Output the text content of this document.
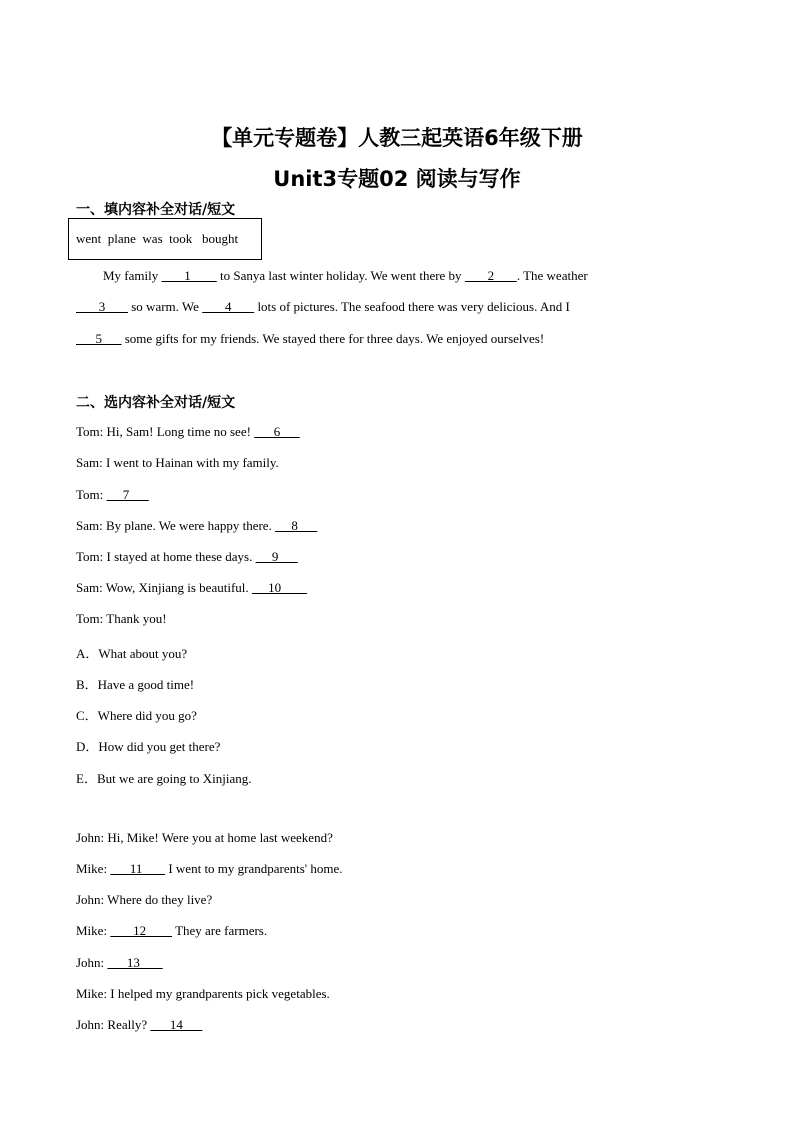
【单元专题卷】人教三起英语6年级下册
Unit3专题02 阅读与写作
一、填内容补全对话/短文
went  plane  was  took   bought
My family        1         to Sanya last winter holiday. We went there by        2       . The weather
3        so warm. We        4        lots of pictures. The seafood there was very delicious. And I
5       some gifts for my friends. We stayed there for three days. We enjoyed ourselves!
二、选内容补全对话/短文
Tom: Hi, Sam! Long time no see!       6
Sam: I went to Hainan with my family.
Tom:      7
Sam: By plane. We were happy there.      8
Tom: I stayed at home these days.      9
Sam: Wow, Xinjiang is beautiful.      10
Tom: Thank you!
A．What about you?
B．Have a good time!
C．Where did you go?
D．How did you get there?
E．But we are going to Xinjiang.
John: Hi, Mike! Were you at home last weekend?
Mike:       11        I went to my grandparents' home.
John: Where do they live?
Mike:        12         They are farmers.
John:       13
Mike: I helped my grandparents pick vegetables.
John: Really?       14
